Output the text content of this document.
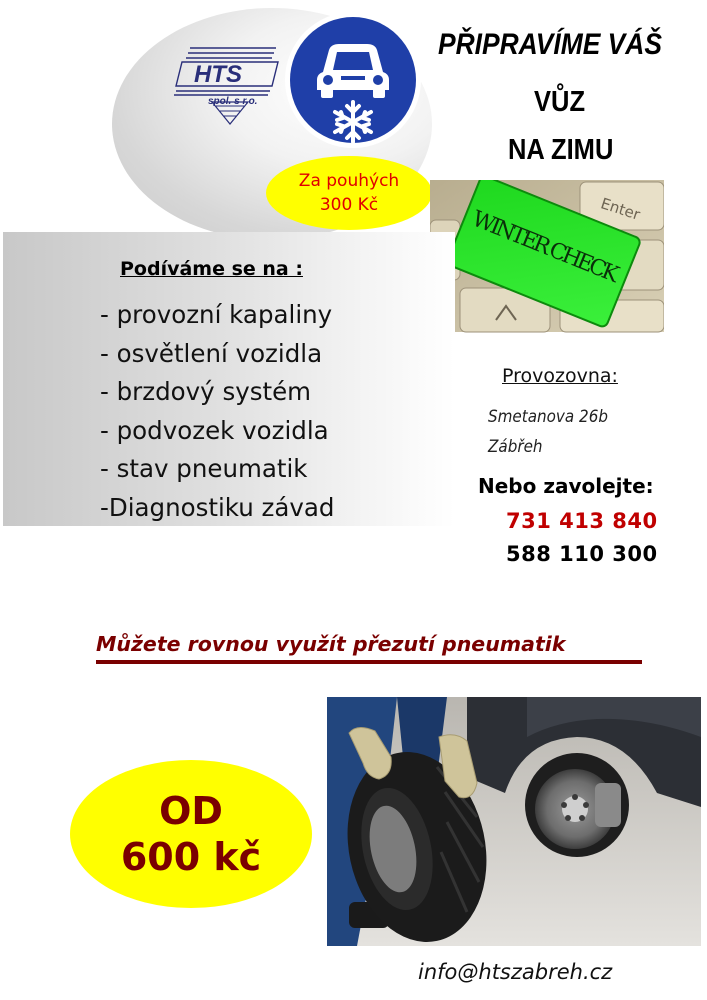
HTS
spol. s r.o.
Za pouhých
300 Kč
PŘIPRAVÍME VÁŠ
VŮZ
NA ZIMU
Enter
WINTER CHECK
Podíváme se na :
- provozní kapaliny
- osvětlení vozidla
- brzdový systém
- podvozek vozidla
- stav pneumatik
-Diagnostiku závad
Provozovna:
Smetanova 26b
Zábřeh
Nebo zavolejte:
731 413 840
588 110 300
Můžete rovnou využít přezutí pneumatik
OD
600 kč
info@htszabreh.cz
